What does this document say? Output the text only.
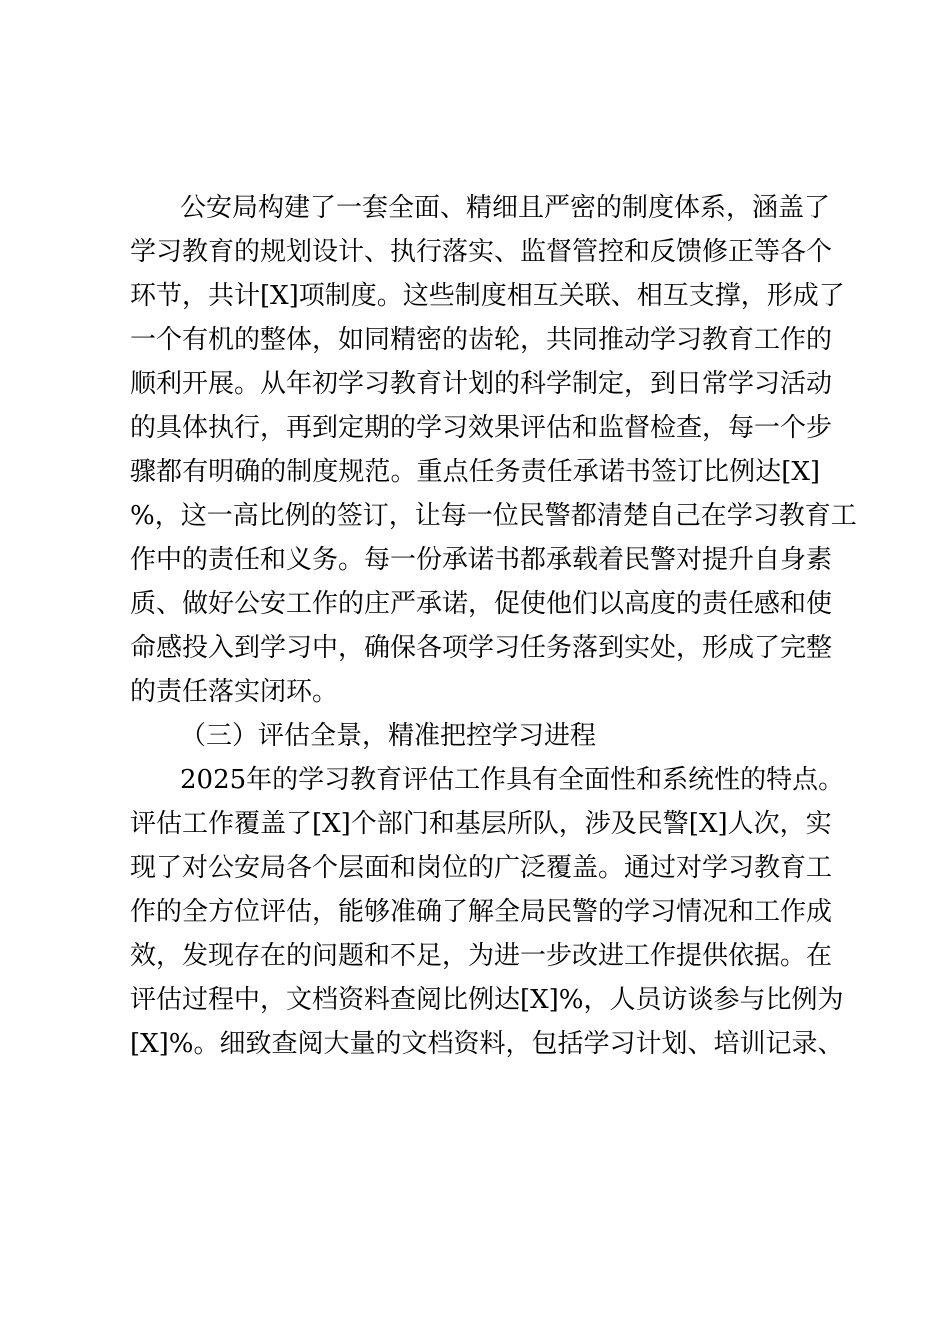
公安局构建了一套全面、精细且严密的制度体系，涵盖了
学习教育的规划设计、执行落实、监督管控和反馈修正等各个
环节，共计[X]项制度。这些制度相互关联、相互支撑，形成了
一个有机的整体，如同精密的齿轮，共同推动学习教育工作的
顺利开展。从年初学习教育计划的科学制定，到日常学习活动
的具体执行，再到定期的学习效果评估和监督检查，每一个步
骤都有明确的制度规范。重点任务责任承诺书签订比例达[X]
%，这一高比例的签订，让每一位民警都清楚自己在学习教育工
作中的责任和义务。每一份承诺书都承载着民警对提升自身素
质、做好公安工作的庄严承诺，促使他们以高度的责任感和使
命感投入到学习中，确保各项学习任务落到实处，形成了完整
的责任落实闭环。
（三）评估全景，精准把控学习进程
2025年的学习教育评估工作具有全面性和系统性的特点。
评估工作覆盖了[X]个部门和基层所队，涉及民警[X]人次，实
现了对公安局各个层面和岗位的广泛覆盖。通过对学习教育工
作的全方位评估，能够准确了解全局民警的学习情况和工作成
效，发现存在的问题和不足，为进一步改进工作提供依据。在
评估过程中，文档资料查阅比例达[X]%，人员访谈参与比例为
[X]%。细致查阅大量的文档资料，包括学习计划、培训记录、
